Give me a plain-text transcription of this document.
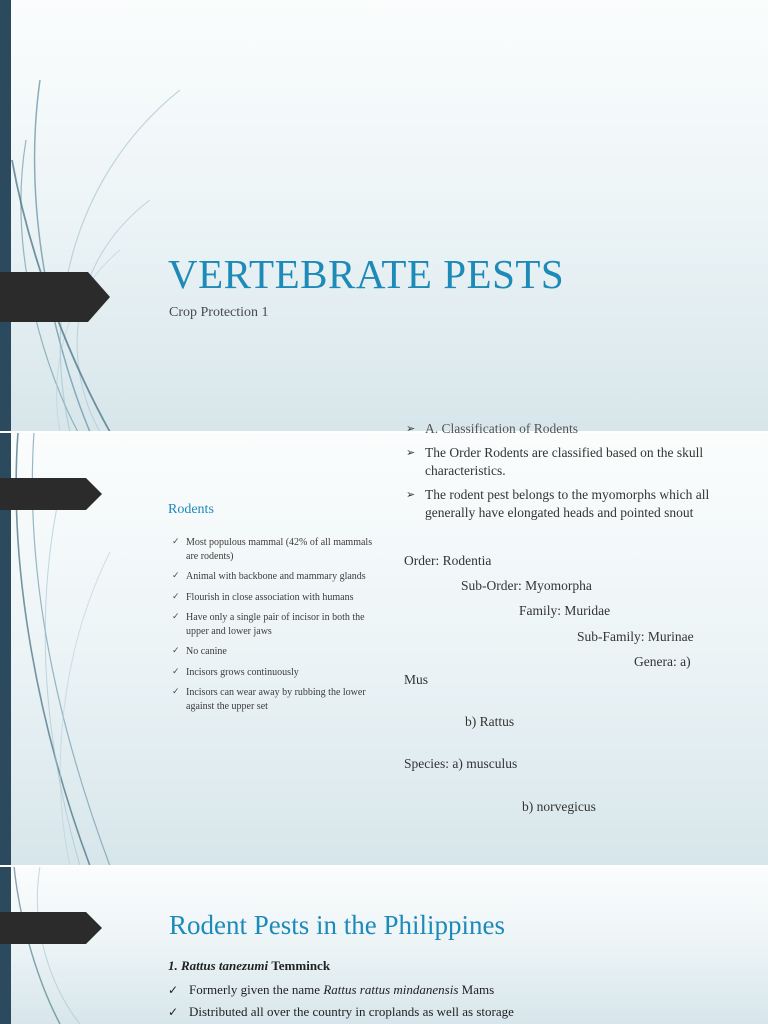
VERTEBRATE PESTS
Crop Protection 1
Rodents
✓ Most populous mammal (42% of all mammals are rodents)
✓ Animal with backbone and mammary glands
✓ Flourish in close association with humans
✓ Have only a single pair of incisor in both the upper and lower jaws
✓ No canine
✓ Incisors grows continuously
✓ Incisors can wear away by rubbing the lower against the upper set
➢ A. Classification of Rodents
➢ The Order Rodents are classified based on the skull characteristics.
➢ The rodent pest belongs to the myomorphs which all generally have elongated heads and pointed snout
Order: Rodentia
Sub-Order: Myomorpha
Family: Muridae
Sub-Family: Murinae
Genera: a)
Mus
b) Rattus
Species: a) musculus
b) norvegicus
Rodent Pests in the Philippines
1. Rattus tanezumi Temminck
✓ Formerly given the name Rattus rattus mindanensis Mams
✓ Distributed all over the country in croplands as well as storage
